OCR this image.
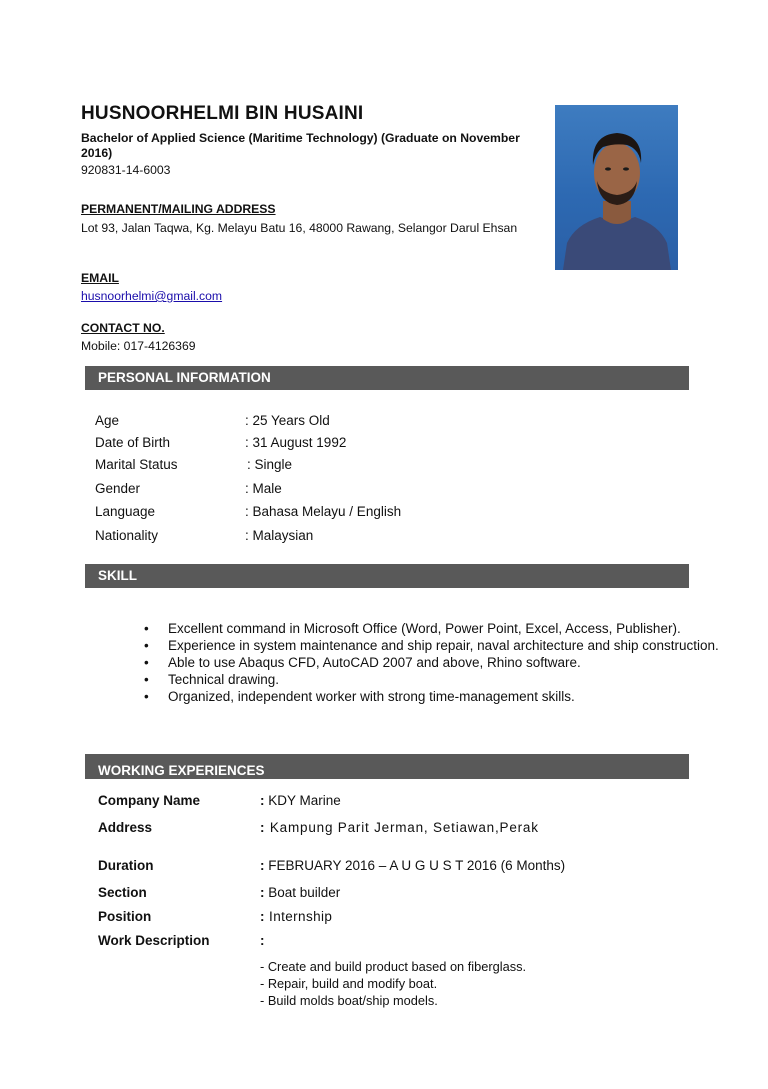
HUSNOORHELMI BIN HUSAINI
Bachelor of Applied Science (Maritime Technology) (Graduate on November 2016)
920831-14-6003
PERMANENT/MAILING ADDRESS
Lot 93, Jalan Taqwa, Kg. Melayu Batu 16, 48000 Rawang, Selangor Darul Ehsan
EMAIL
husnoorhelmi@gmail.com
CONTACT NO.
Mobile: 017-4126369
PERSONAL INFORMATION
Age	: 25 Years Old
Date of Birth	: 31 August 1992
Marital Status	: Single
Gender	: Male
Language	: Bahasa Melayu / English
Nationality	: Malaysian
SKILL
• Excellent command in Microsoft Office (Word, Power Point, Excel, Access, Publisher).
• Experience in system maintenance and ship repair, naval architecture and ship construction.
• Able to use Abaqus CFD, AutoCAD 2007 and above, Rhino software.
• Technical drawing.
• Organized, independent worker with strong time-management skills.
WORKING EXPERIENCES
Company Name	: KDY Marine
Address	: Kampung Parit Jerman, Setiawan,Perak
Duration	: FEBRUARY 2016 – A U G U S T 2016 (6 Months)
Section	: Boat builder
Position	: Internship
Work Description	:
- Create and build product based on fiberglass.
- Repair, build and modify boat.
- Build molds boat/ship models.
